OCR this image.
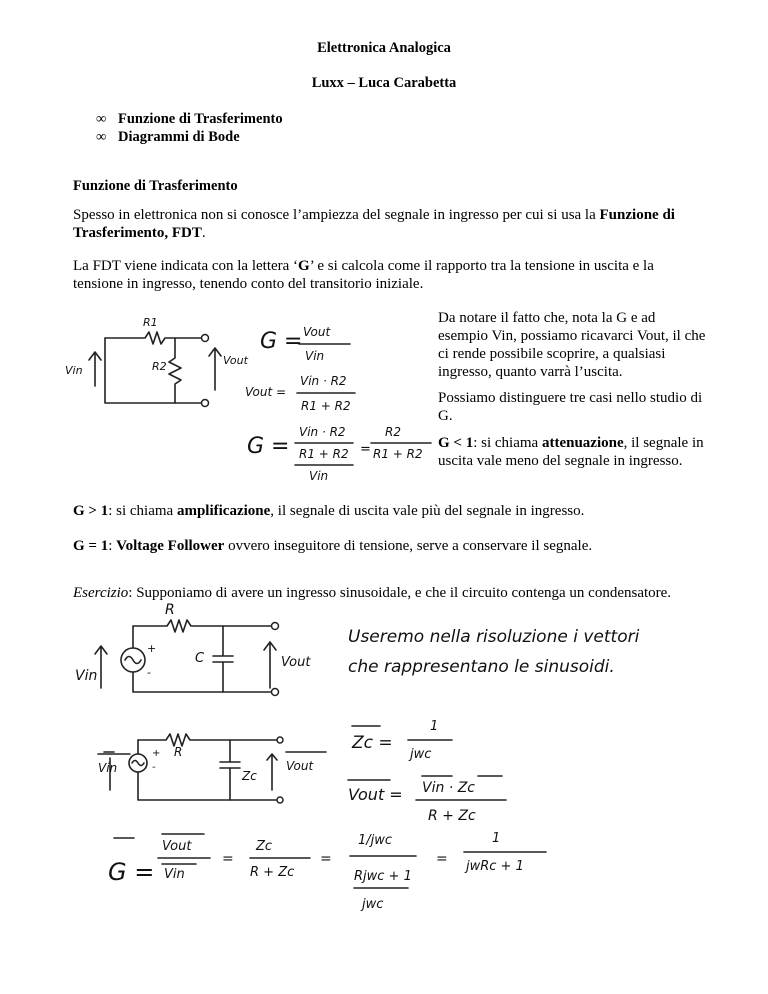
Elettronica Analogica
Luxx – Luca Carabetta
∞ Funzione di Trasferimento
∞ Diagrammi di Bode
Funzione di Trasferimento

Spesso in elettronica non si conosce l’ampiezza del segnale in ingresso per cui si usa la Funzione di Trasferimento, FDT.

La FDT viene indicata con la lettera ‘G’ e si calcola come il rapporto tra la tensione in uscita e la tensione in ingresso, tenendo conto del transitorio iniziale.

Da notare il fatto che, nota la G e ad esempio Vin, possiamo ricavarci Vout, il che ci rende possibile scoprire, a qualsiasi ingresso, quanto varrà l’uscita.

Possiamo distinguere tre casi nello studio di G.

G < 1: si chiama attenuazione, il segnale in uscita vale meno del segnale in ingresso.

G > 1: si chiama amplificazione, il segnale di uscita vale più del segnale in ingresso.

G = 1: Voltage Follower ovvero inseguitore di tensione, serve a conservare il segnale.

Esercizio: Supponiamo di avere un ingresso sinusoidale, e che il circuito contenga un condensatore.

R1
R2
Vin
Vout
G = Vout
Vin
Vout =
Vin · R2
R1 + R2
G =
Vin · R2
R1 + R2
Vin
=
R2
R1 + R2
R
C
Vin
Vout
+
-
Useremo nella risoluzione i vettori
che rappresentano le sinusoidi.
R
Zc
Vin	Vout
+
-
Zc =
1
jwc
Vout = Vin · Zc
R + Zc
G =
Vout
Vin
=
Zc
R + Zc
=
1/jwc
Rjwc + 1
jwc
=
1
jwRc + 1
